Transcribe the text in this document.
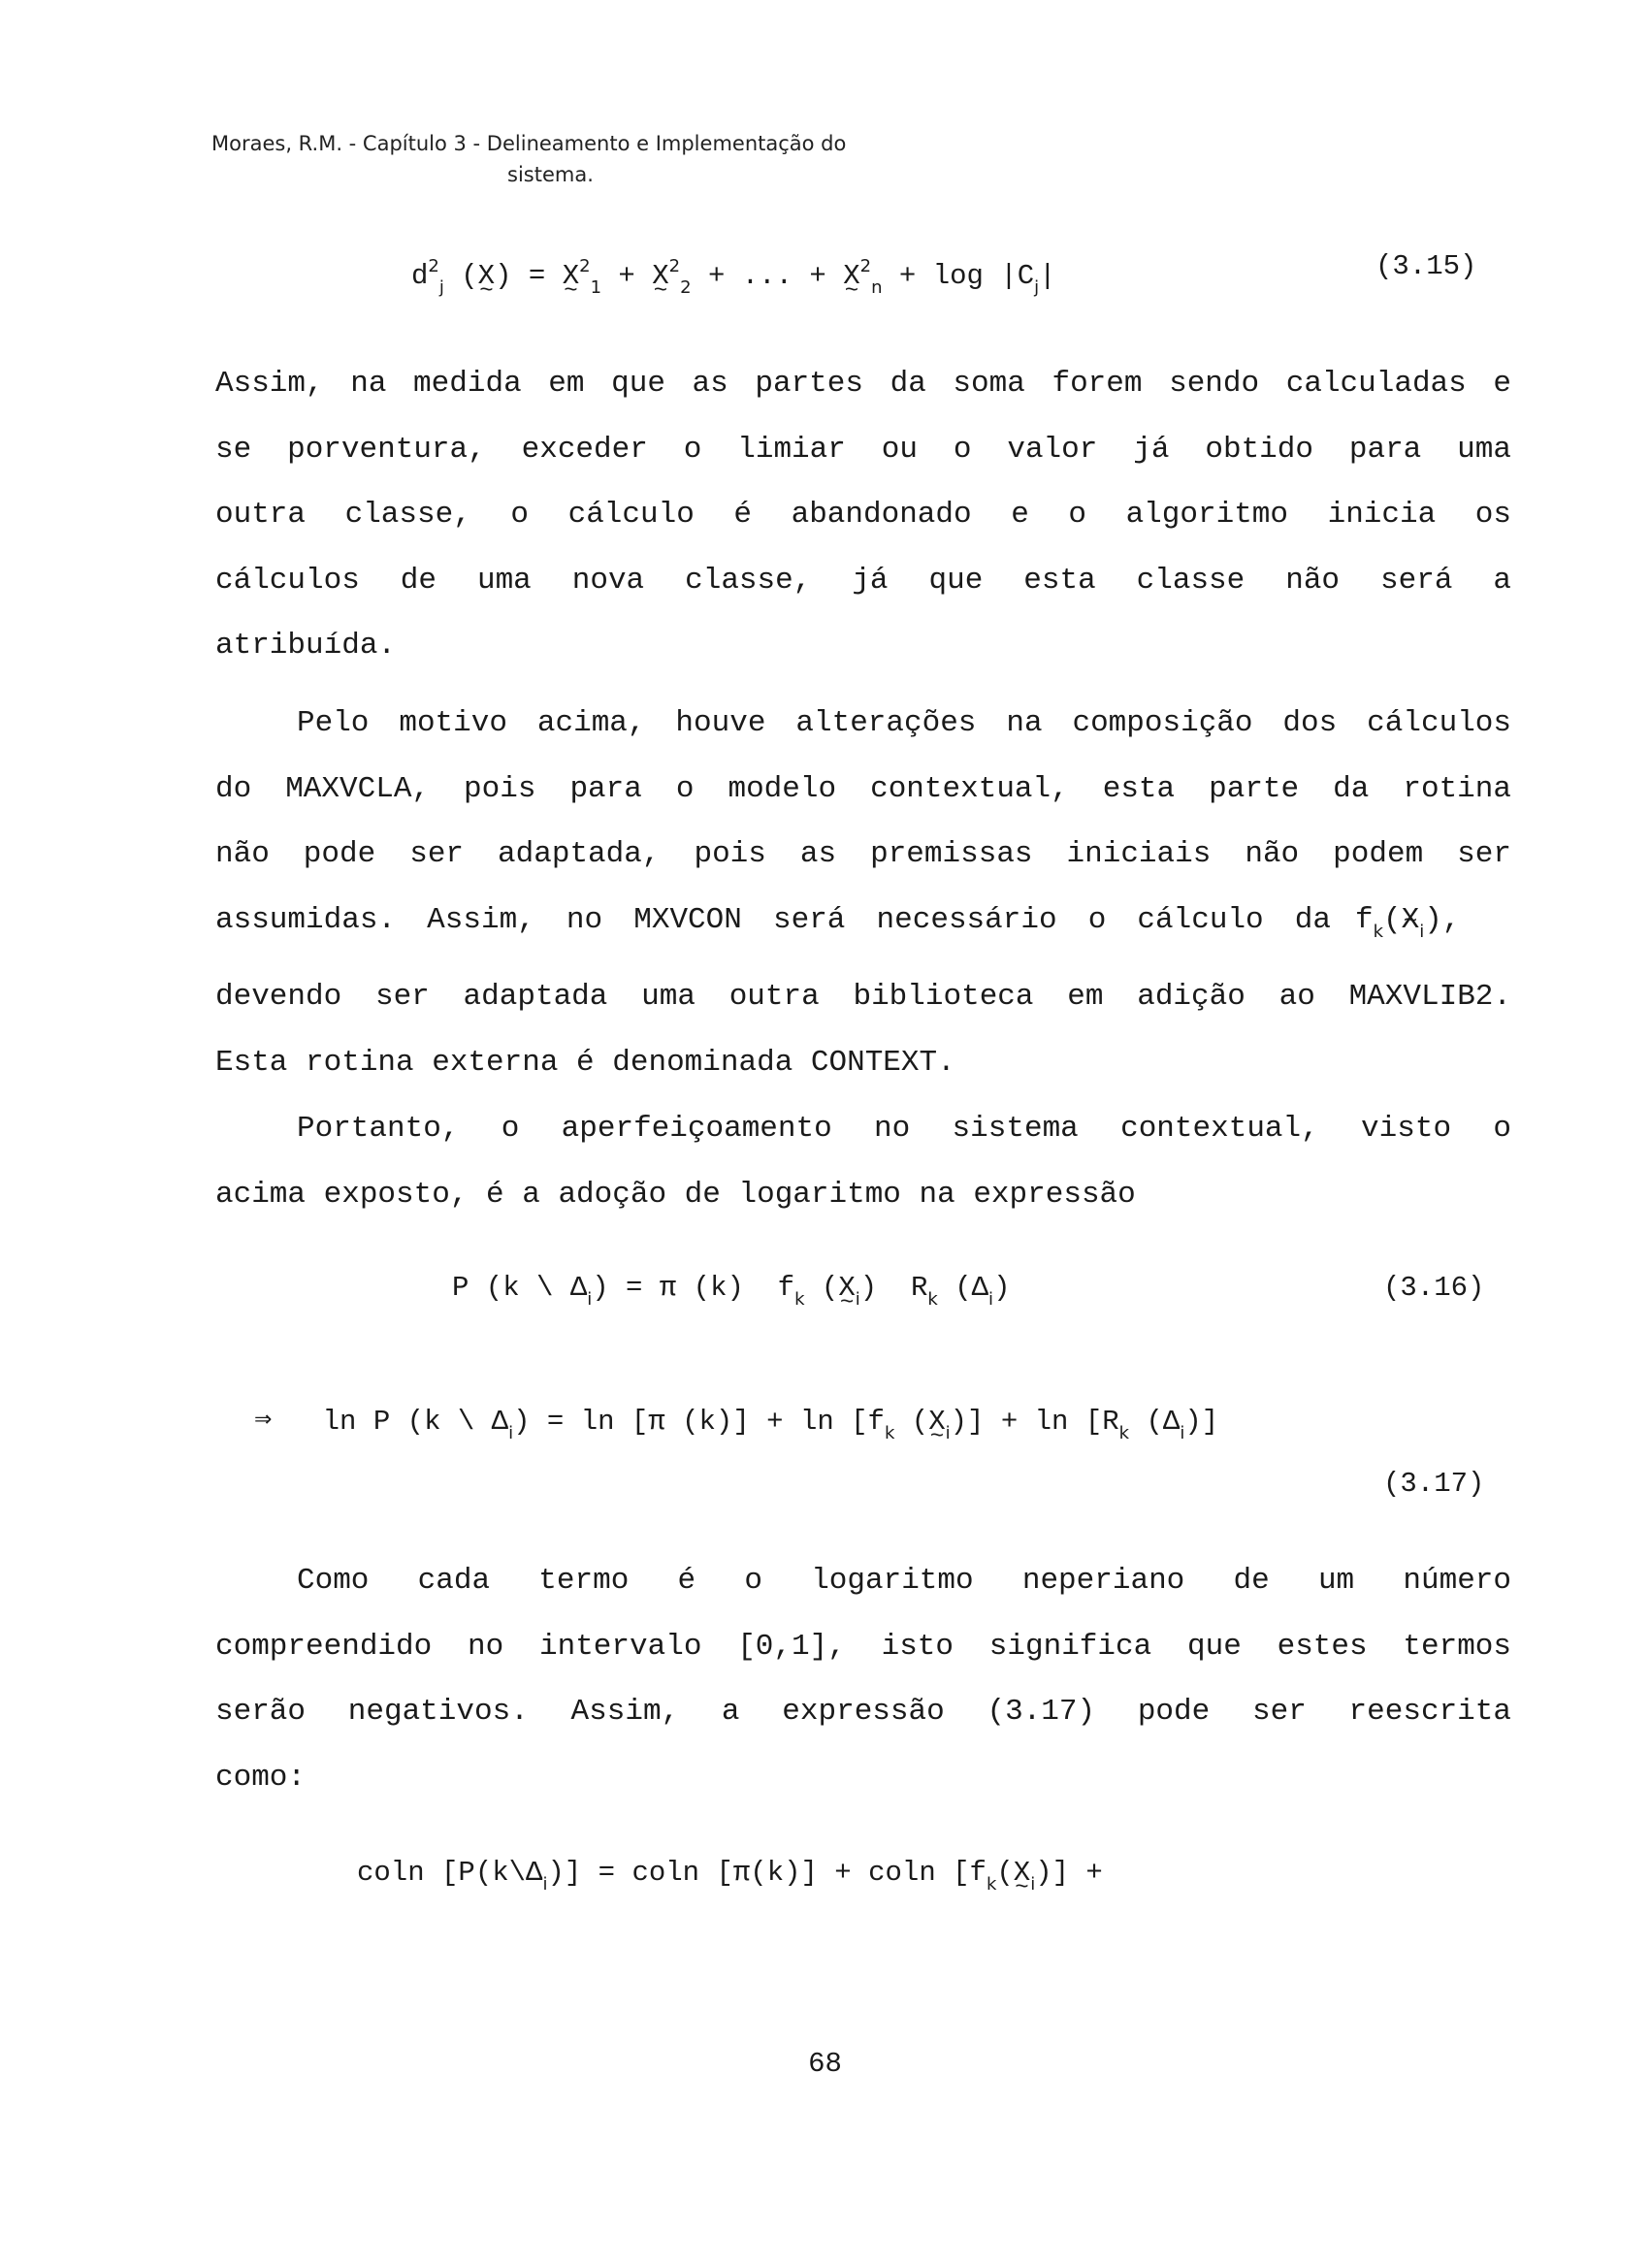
Moraes, R.M. - Capítulo 3 - Delineamento e Implementação do
sistema.
$d^2_j$ (X) ~ = X ~$^2_1$ + X ~$^2_2$ + ... + X ~$^2_n$ + $\log |C_j|$	(3.15)
Assim, na medida em que as partes da soma forem sendo calculadas e
se porventura, exceder o limiar ou o valor já obtido para uma
outra classe, o cálculo é abandonado e o algoritmo inicia os
cálculos de uma nova classe, já que esta classe não será a
atribuída.
Pelo motivo acima, houve alterações na composição dos cálculos
do MAXVCLA, pois para o modelo contextual, esta parte da rotina
não pode ser adaptada, pois as premissas iniciais não podem ser
assumidas. Assim, no MXVCON será necessário o cálculo da $f_k(X$ $\sim_i$),
devendo ser adaptada uma outra biblioteca em adição ao MAXVLIB2.
Esta rotina externa é denominada CONTEXT.
Portanto, o aperfeiçoamento no sistema contextual, visto o
acima exposto, é a adoção de logaritmo na expressão
P (k \ $\Delta_i) = \pi$ (k)  $f_k$ (X $\sim_i$)  $R_k$ $(\Delta_i)$	(3.16)
⇒   ln P (k \ $\Delta_i) = \ln [\pi$ $(k)] + \ln [f_k$ (X $\sim_i)] + \ln [R_k$ $(\Delta_i)$]
(3.17)
Como cada termo é o logaritmo neperiano de um número
compreendido no intervalo [0,1], isto significa que estes termos
serão negativos. Assim, a expressão (3.17) pode ser reescrita
como:
coln $[P(k\backslash\Delta_i)] = coln$ [π(k)] + coln [$f_k(X$ $\sim_i$)] +
68
